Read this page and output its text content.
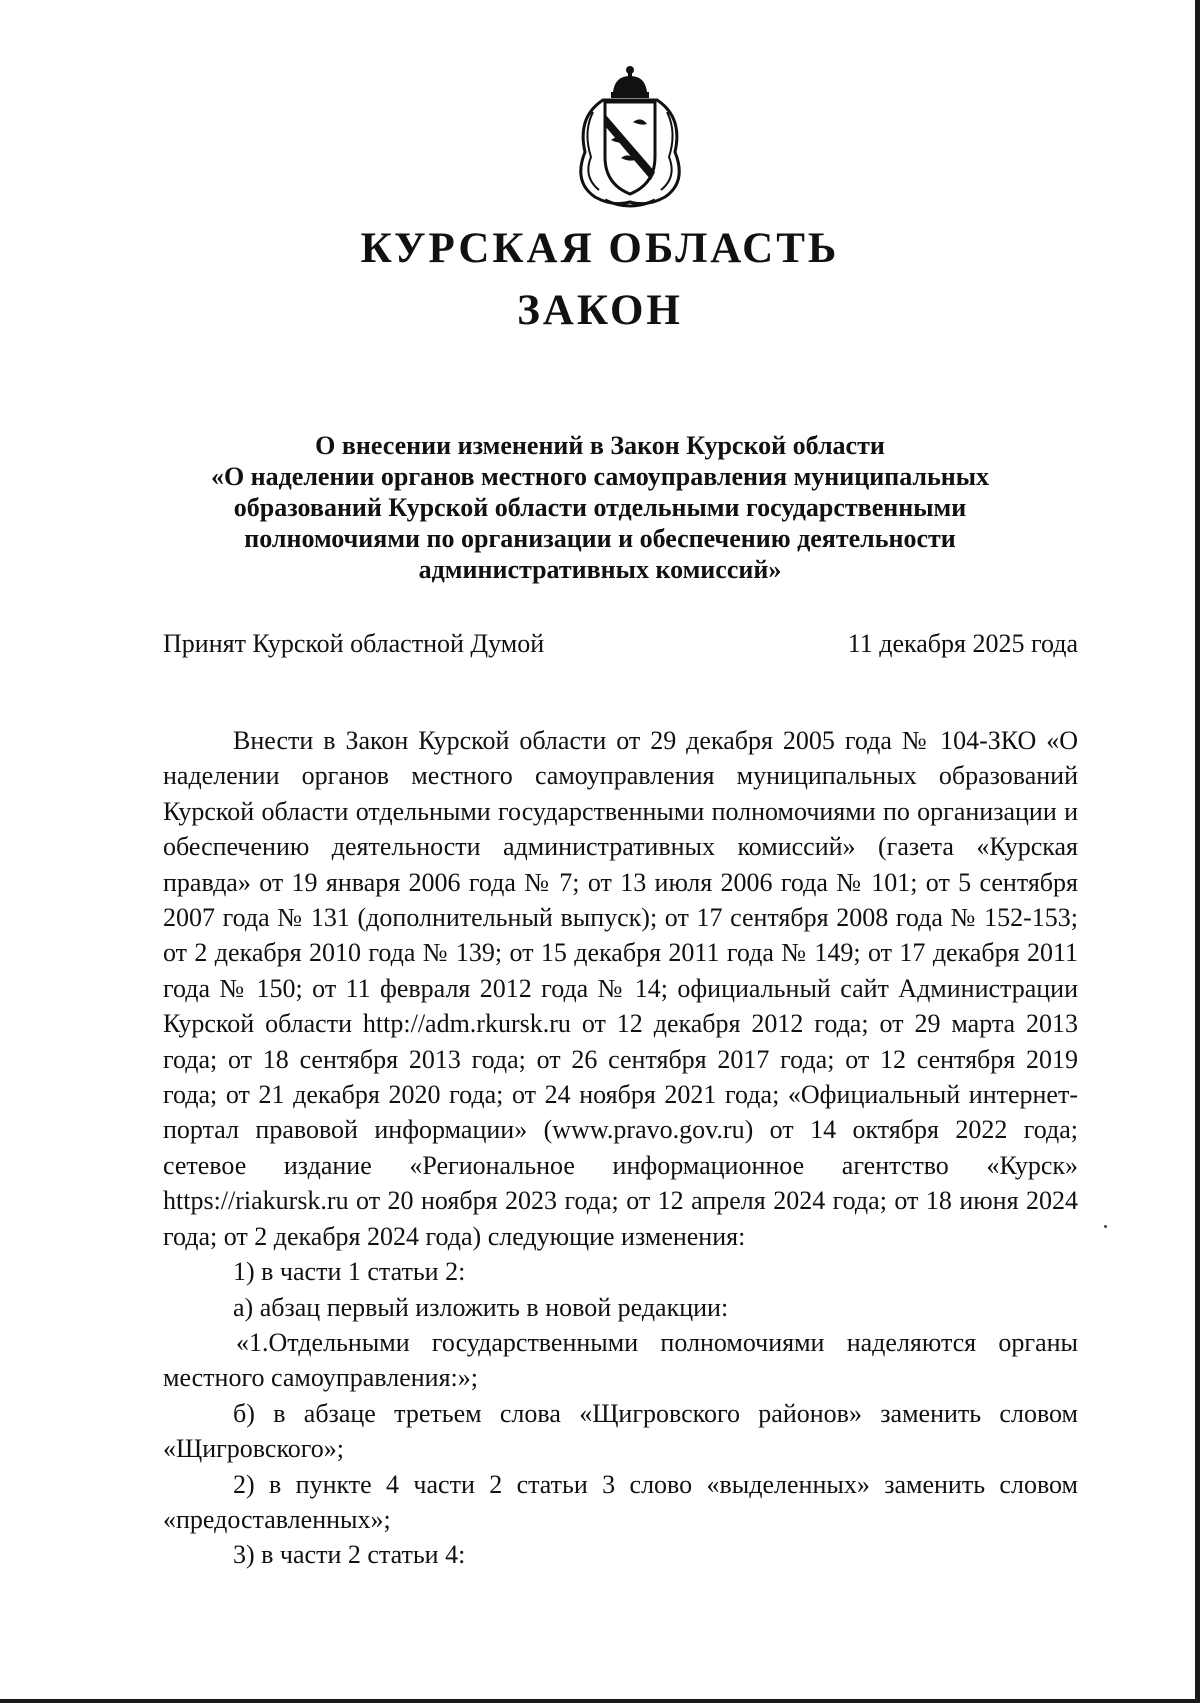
КУРСКАЯ ОБЛАСТЬ
ЗАКОН
О внесении изменений в Закон Курской области
«О наделении органов местного самоуправления муниципальных
образований Курской области отдельными государственными
полномочиями по организации и обеспечению деятельности
административных комиссий»
Принят Курской областной Думой	11 декабря 2025 года

Внести в Закон Курской области от 29 декабря 2005 года № 104-ЗКО «О наделении органов местного самоуправления муниципальных образований Курской области отдельными государственными полномочиями по организации и обеспечению деятельности административных комиссий» (газета «Курская правда» от 19 января 2006 года № 7; от 13 июля 2006 года № 101; от 5 сентября 2007 года № 131 (дополнительный выпуск); от 17 сентября 2008 года № 152-153; от 2 декабря 2010 года № 139; от 15 декабря 2011 года № 149; от 17 декабря 2011 года № 150; от 11 февраля 2012 года № 14; официальный сайт Администрации Курской области http://adm.rkursk.ru от 12 декабря 2012 года; от 29 марта 2013 года; от 18 сентября 2013 года; от 26 сентября 2017 года; от 12 сентября 2019 года; от 21 декабря 2020 года; от 24 ноября 2021 года; «Официальный интернет-портал правовой информации» (www.pravo.gov.ru) от 14 октября 2022 года; сетевое издание «Региональное информационное агентство «Курск» https://riakursk.ru от 20 ноября 2023 года; от 12 апреля 2024 года; от 18 июня 2024 года; от 2 декабря 2024 года) следующие изменения:

1) в части 1 статьи 2:

а) абзац первый изложить в новой редакции:

«1.Отдельными государственными полномочиями наделяются органы местного самоуправления:»;

б) в абзаце третьем слова «Щигровского районов» заменить словом «Щигровского»;

2) в пункте 4 части 2 статьи 3 слово «выделенных» заменить словом «предоставленных»;

3) в части 2 статьи 4:
